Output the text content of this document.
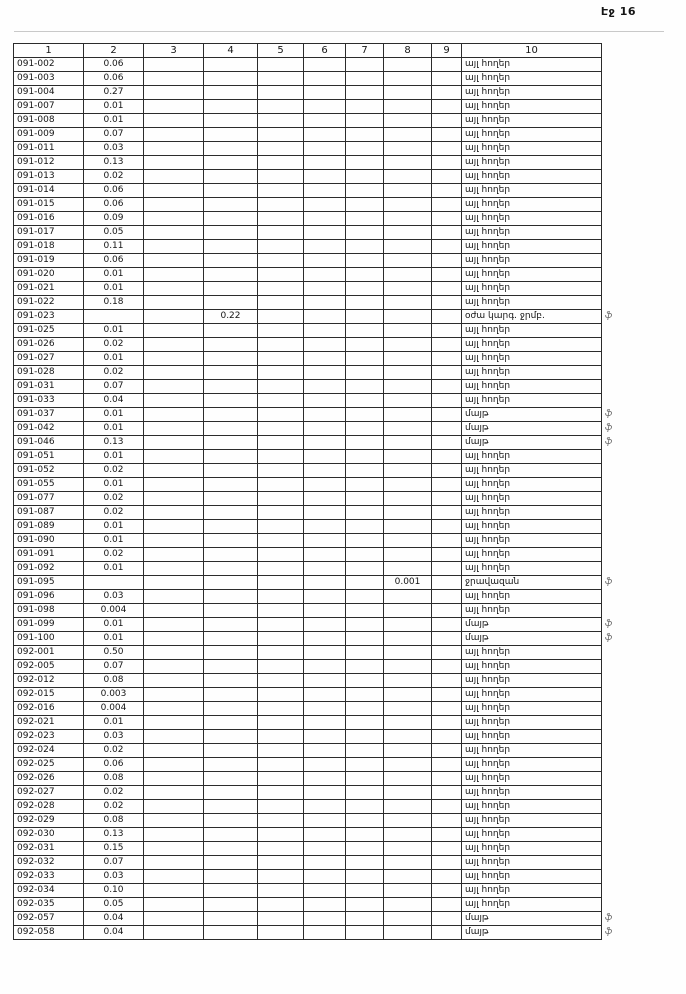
Էջ 16
1	2	3	4	5	6	7	8	9	10	
091-002	0.06								այլ հողեր	
091-003	0.06								այլ հողեր	
091-004	0.27								այլ հողեր	
091-007	0.01								այլ հողեր	
091-008	0.01								այլ հողեր	
091-009	0.07								այլ հողեր	
091-011	0.03								այլ հողեր	
091-012	0.13								այլ հողեր	
091-013	0.02								այլ հողեր	
091-014	0.06								այլ հողեր	
091-015	0.06								այլ հողեր	
091-016	0.09								այլ հողեր	
091-017	0.05								այլ հողեր	
091-018	0.11								այլ հողեր	
091-019	0.06								այլ հողեր	
091-020	0.01								այլ հողեր	
091-021	0.01								այլ հողեր	
091-022	0.18								այլ հողեր	
091-023			0.22						օժա կարգ. ջրմբ.	ֆ
091-025	0.01								այլ հողեր	
091-026	0.02								այլ հողեր	
091-027	0.01								այլ հողեր	
091-028	0.02								այլ հողեր	
091-031	0.07								այլ հողեր	
091-033	0.04								այլ հողեր	
091-037	0.01								մայթ	ֆ
091-042	0.01								մայթ	ֆ
091-046	0.13								մայթ	ֆ
091-051	0.01								այլ հողեր	
091-052	0.02								այլ հողեր	
091-055	0.01								այլ հողեր	
091-077	0.02								այլ հողեր	
091-087	0.02								այլ հողեր	
091-089	0.01								այլ հողեր	
091-090	0.01								այլ հողեր	
091-091	0.02								այլ հողեր	
091-092	0.01								այլ հողեր	
091-095							0.001		ջրավազան	ֆ
091-096	0.03								այլ հողեր	
091-098	0.004								այլ հողեր	
091-099	0.01								մայթ	ֆ
091-100	0.01								մայթ	ֆ
092-001	0.50								այլ հողեր	
092-005	0.07								այլ հողեր	
092-012	0.08								այլ հողեր	
092-015	0.003								այլ հողեր	
092-016	0.004								այլ հողեր	
092-021	0.01								այլ հողեր	
092-023	0.03								այլ հողեր	
092-024	0.02								այլ հողեր	
092-025	0.06								այլ հողեր	
092-026	0.08								այլ հողեր	
092-027	0.02								այլ հողեր	
092-028	0.02								այլ հողեր	
092-029	0.08								այլ հողեր	
092-030	0.13								այլ հողեր	
092-031	0.15								այլ հողեր	
092-032	0.07								այլ հողեր	
092-033	0.03								այլ հողեր	
092-034	0.10								այլ հողեր	
092-035	0.05								այլ հողեր	
092-057	0.04								մայթ	ֆ
092-058	0.04								մայթ	ֆ
